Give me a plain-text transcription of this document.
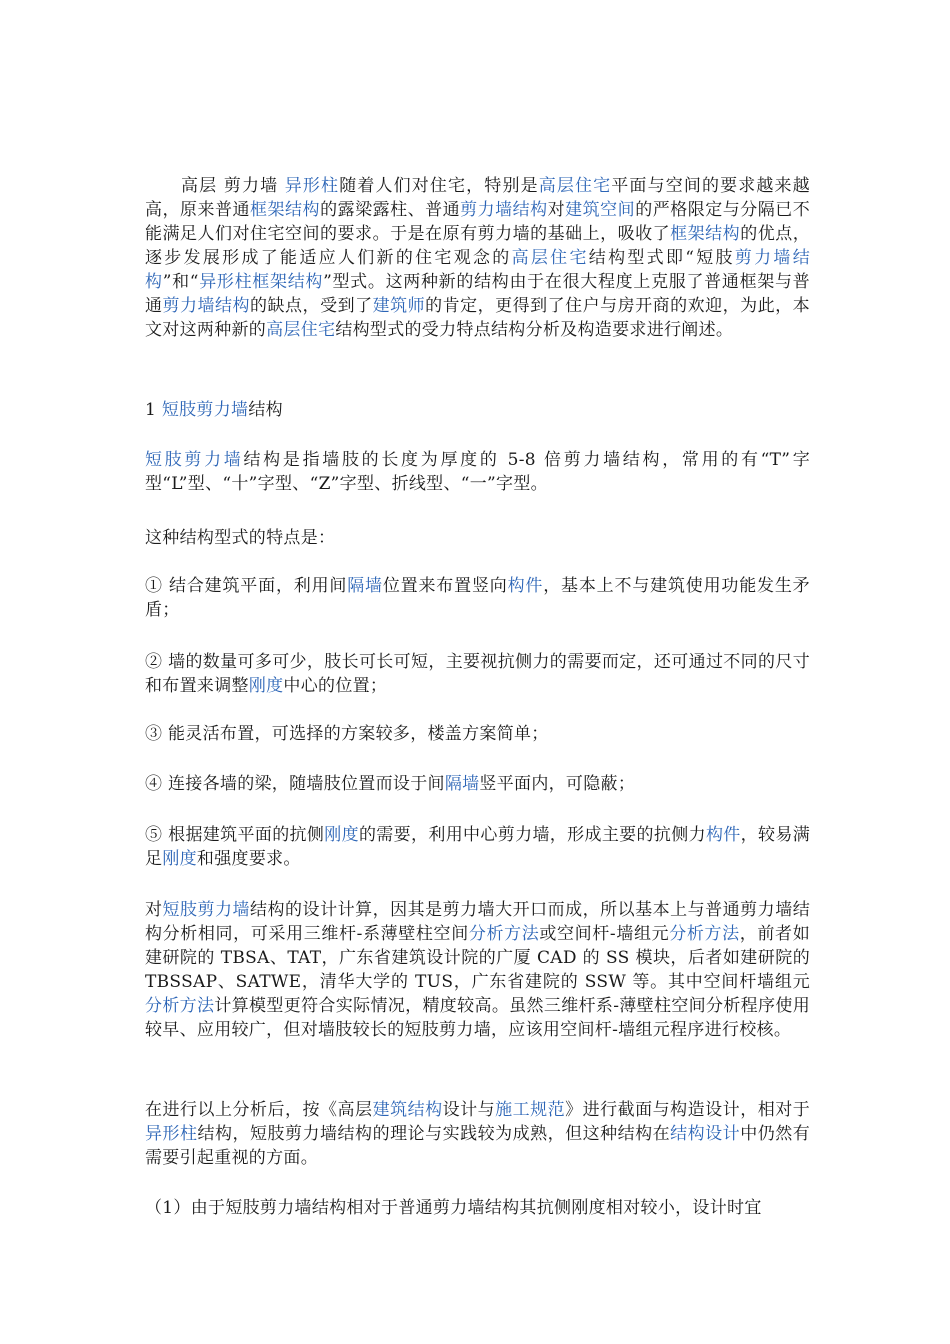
高层 剪力墙 异形柱随着人们对住宅，特别是高层住宅平面与空间的要求越来越高，原来普通框架结构的露梁露柱、普通剪力墙结构对建筑空间的严格限定与分隔已不能满足人们对住宅空间的要求。于是在原有剪力墙的基础上，吸收了框架结构的优点，逐步发展形成了能适应人们新的住宅观念的高层住宅结构型式即“短肢剪力墙结构”和“异形柱框架结构”型式。这两种新的结构由于在很大程度上克服了普通框架与普通剪力墙结构的缺点，受到了建筑师的肯定，更得到了住户与房开商的欢迎，为此，本文对这两种新的高层住宅结构型式的受力特点结构分析及构造要求进行阐述。

1 短肢剪力墙结构

短肢剪力墙结构是指墙肢的长度为厚度的 5-8 倍剪力墙结构，常用的有“T”字型“L”型、“十”字型、“Z”字型、折线型、“一”字型。

这种结构型式的特点是：

① 结合建筑平面，利用间隔墙位置来布置竖向构件，基本上不与建筑使用功能发生矛盾；

② 墙的数量可多可少，肢长可长可短，主要视抗侧力的需要而定，还可通过不同的尺寸和布置来调整刚度中心的位置；

③ 能灵活布置，可选择的方案较多，楼盖方案简单；

④ 连接各墙的梁，随墙肢位置而设于间隔墙竖平面内，可隐蔽；

⑤ 根据建筑平面的抗侧刚度的需要，利用中心剪力墙，形成主要的抗侧力构件，较易满足刚度和强度要求。

对短肢剪力墙结构的设计计算，因其是剪力墙大开口而成，所以基本上与普通剪力墙结构分析相同，可采用三维杆-系薄壁柱空间分析方法或空间杆-墙组元分析方法，前者如建研院的 TBSA、TAT，广东省建筑设计院的广厦 CAD 的 SS 模块，后者如建研院的 TBSSAP、SATWE，清华大学的 TUS，广东省建院的 SSW 等。其中空间杆墙组元分析方法计算模型更符合实际情况，精度较高。虽然三维杆系-薄壁柱空间分析程序使用较早、应用较广，但对墙肢较长的短肢剪力墙，应该用空间杆-墙组元程序进行校核。

在进行以上分析后，按《高层建筑结构设计与施工规范》进行截面与构造设计，相对于异形柱结构，短肢剪力墙结构的理论与实践较为成熟，但这种结构在结构设计中仍然有需要引起重视的方面。

（1）由于短肢剪力墙结构相对于普通剪力墙结构其抗侧刚度相对较小，设计时宜
